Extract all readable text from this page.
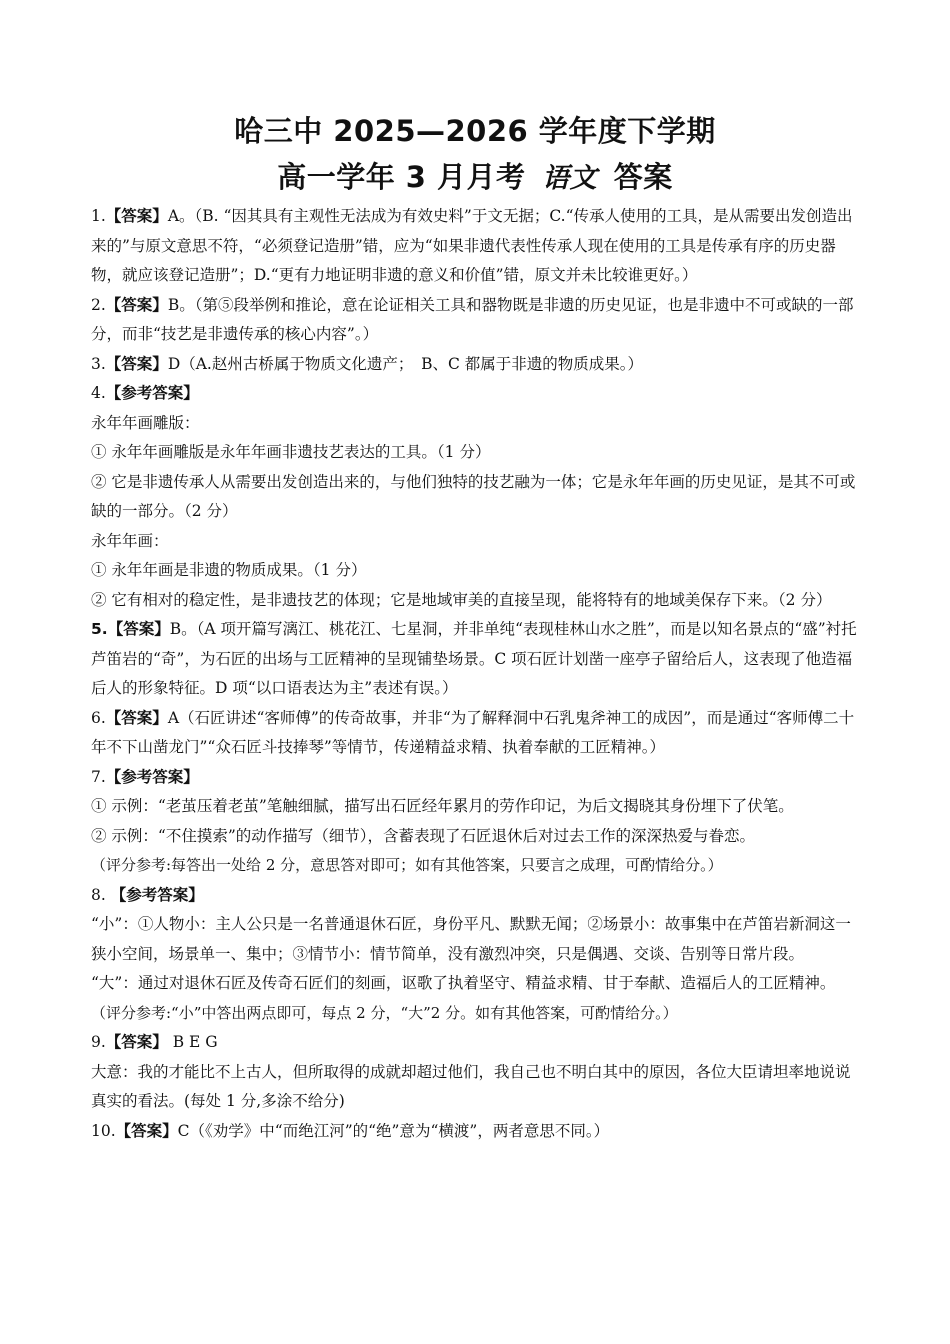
哈三中 2025—2026 学年度下学期
高一学年 3 月月考 语文 答案

1.【答案】A。（B. “因其具有主观性无法成为有效史料”于文无据；C.“传承人使用的工具，是从需要出发创造出来的”与原文意思不符，“必须登记造册”错，应为“如果非遗代表性传承人现在使用的工具是传承有序的历史器物，就应该登记造册”；D.“更有力地证明非遗的意义和价值”错，原文并未比较谁更好。）

2.【答案】B。（第⑤段举例和推论，意在论证相关工具和器物既是非遗的历史见证，也是非遗中不可或缺的一部分，而非“技艺是非遗传承的核心内容”。）

3.【答案】D（A.赵州古桥属于物质文化遗产；　B、C 都属于非遗的物质成果。）

4.【参考答案】

永年年画雕版：

① 永年年画雕版是永年年画非遗技艺表达的工具。（1 分）

② 它是非遗传承人从需要出发创造出来的，与他们独特的技艺融为一体；它是永年年画的历史见证，是其不可或缺的一部分。（2 分）

永年年画：

① 永年年画是非遗的物质成果。（1 分）

② 它有相对的稳定性，是非遗技艺的体现；它是地域审美的直接呈现，能将特有的地域美保存下来。（2 分）

5.【答案】B。（A 项开篇写漓江、桃花江、七星洞，并非单纯“表现桂林山水之胜”，而是以知名景点的“盛”衬托芦笛岩的“奇”，为石匠的出场与工匠精神的呈现铺垫场景。C 项石匠计划凿一座亭子留给后人，这表现了他造福后人的形象特征。D 项“以口语表达为主”表述有误。）

6.【答案】A（石匠讲述“客师傅”的传奇故事，并非“为了解释洞中石乳鬼斧神工的成因”，而是通过“客师傅二十年不下山凿龙门”“众石匠斗技捧琴”等情节，传递精益求精、执着奉献的工匠精神。）

7.【参考答案】

① 示例：“老茧压着老茧”笔触细腻，描写出石匠经年累月的劳作印记，为后文揭晓其身份埋下了伏笔。

② 示例：“不住摸索”的动作描写（细节），含蓄表现了石匠退休后对过去工作的深深热爱与眷恋。

（评分参考:每答出一处给 2 分，意思答对即可；如有其他答案，只要言之成理，可酌情给分。）

8. 【参考答案】

“小”：①人物小：主人公只是一名普通退休石匠，身份平凡、默默无闻；②场景小：故事集中在芦笛岩新洞这一狭小空间，场景单一、集中；③情节小：情节简单，没有激烈冲突，只是偶遇、交谈、告别等日常片段。

“大”：通过对退休石匠及传奇石匠们的刻画，讴歌了执着坚守、精益求精、甘于奉献、造福后人的工匠精神。

（评分参考:“小”中答出两点即可，每点 2 分，“大”2 分。如有其他答案，可酌情给分。）

9.【答案】 B E G

大意：我的才能比不上古人，但所取得的成就却超过他们，我自己也不明白其中的原因，各位大臣请坦率地说说真实的看法。(每处 1 分,多涂不给分)

10.【答案】C（《劝学》中“而绝江河”的“绝”意为“横渡”，两者意思不同。）
